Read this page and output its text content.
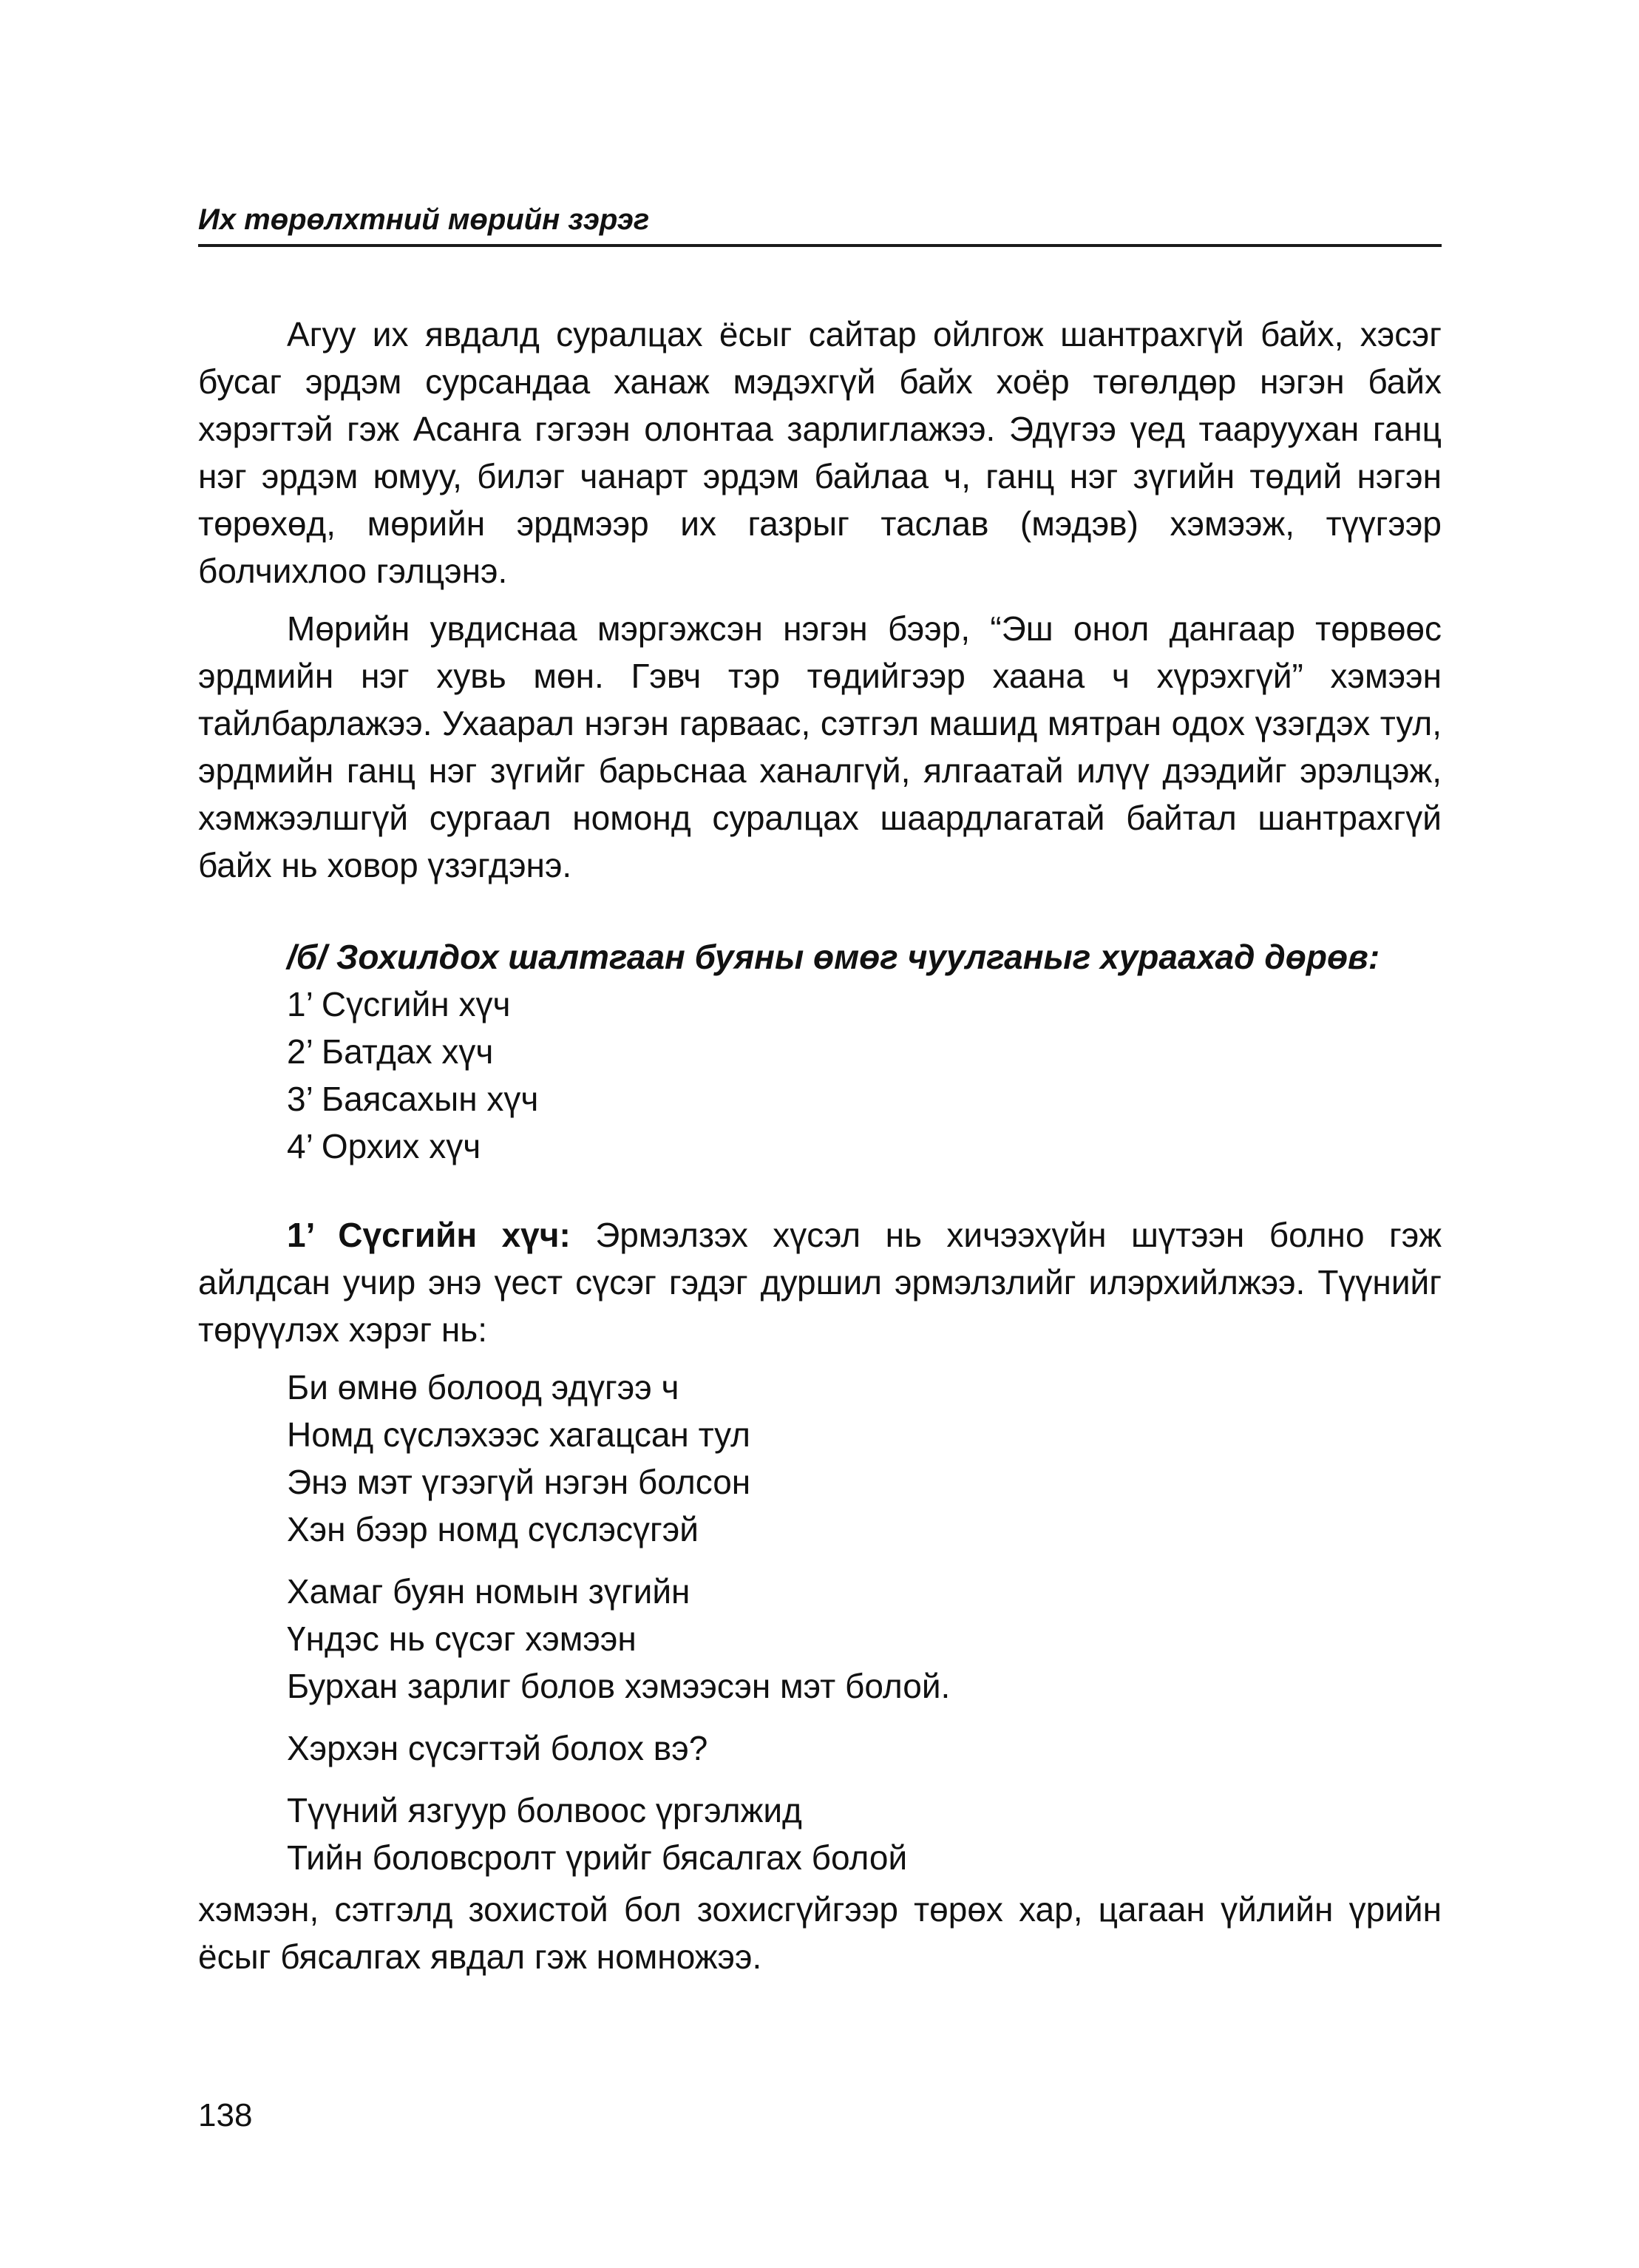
Их төрөлхтний мөрийн зэрэг

Агуу их явдалд суралцах ёсыг сайтар ойлгож шантрахгүй байх, хэсэг бусаг эрдэм сурсандаа ханаж мэдэхгүй байх хоёр төгөлдөр нэгэн байх хэрэгтэй гэж Асанга гэгээн олонтаа зарлиглажээ. Эдүгээ үед таарууxан ганц нэг эрдэм юмуу, билэг чанарт эрдэм байлаа ч, ганц нэг зүгийн төдий нэгэн төрөхөд, мөрийн эрдмээр их газрыг таслав (мэдэв) хэмээж, түүгээр болчихлоо гэлцэнэ.

Мөрийн увдиснаа мэргэжсэн нэгэн бээр, “Эш онол дангаар төрвөөс эрдмийн нэг хувь мөн. Гэвч тэр төдийгээр хаана ч хүрэхгүй” хэмээн тайлбарлажээ. Ухаарал нэгэн гарваас, сэтгэл машид мятран одох үзэгдэх тул, эрдмийн ганц нэг зүгийг барьснаа ханалгүй, ялгаатай илүү дээдийг эрэлцэж, хэмжээлшгүй сургаал номонд суралцах шаардлагатай байтал шантрахгүй байх нь ховор үзэгдэнэ.

/б/ Зохилдох шалтгаан буяны өмөг чуулганыг хураахад дөрөв:
1’ Сүсгийн хүч
2’ Батдах хүч
3’ Баясахын хүч
4’ Орхих хүч

1’ Сүсгийн хүч: Эрмэлзэх хүсэл нь хичээхүйн шүтээн болно гэж айлдсан учир энэ үест сүсэг гэдэг дуршил эрмэлзлийг илэрхийлжээ. Түүнийг төрүүлэх хэрэг нь:

Би өмнө болоод эдүгээ ч
Номд сүслэхээс хагацсан тул
Энэ мэт үгээгүй нэгэн болсон
Хэн бээр номд сүслэсүгэй
Хамаг буян номын зүгийн
Үндэс нь сүсэг хэмээн
Бурхан зарлиг болов хэмээсэн мэт болой.
Хэрхэн сүсэгтэй болох вэ?
Түүний язгуур болвоос үргэлжид
Тийн боловсролт үрийг бясалгах болой

хэмээн, сэтгэлд зохистой бол зохисгүйгээр төрөх хар, цагаан үйлийн үрийн ёсыг бясалгах явдал гэж номножээ.

138
